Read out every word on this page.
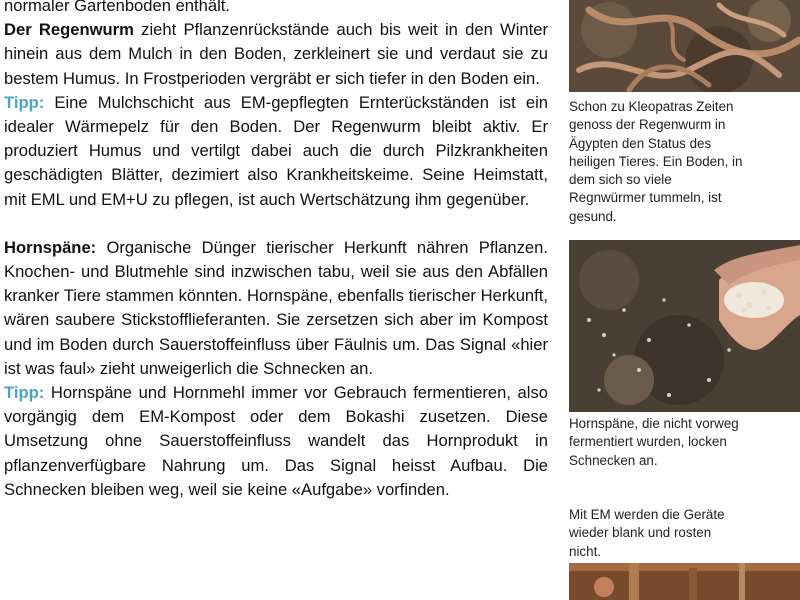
normaler Gartenboden enthält.

Der Regenwurm zieht Pflanzenrückstände auch bis weit in den Winter hinein aus dem Mulch in den Boden, zerkleinert sie und verdaut sie zu bestem Humus. In Frostperioden vergräbt er sich tiefer in den Boden ein.

Tipp: Eine Mulchschicht aus EM-gepflegten Ernterückständen ist ein idealer Wärmepelz für den Boden. Der Regenwurm bleibt aktiv. Er produziert Humus und vertilgt dabei auch die durch Pilzkrankheiten geschädigten Blätter, dezimiert also Krankheitskeime. Seine Heimstatt, mit EML und EM+U zu pflegen, ist auch Wertschätzung ihm gegenüber.

Hornspäne: Organische Dünger tierischer Herkunft nähren Pflanzen. Knochen- und Blutmehle sind inzwischen tabu, weil sie aus den Abfällen kranker Tiere stammen könnten. Hornspäne, ebenfalls tierischer Herkunft, wären saubere Stickstofflieferanten. Sie zersetzen sich aber im Kompost und im Boden durch Sauerstoffeinfluss über Fäulnis um. Das Signal «hier ist was faul» zieht unweigerlich die Schnecken an.

Tipp: Hornspäne und Hornmehl immer vor Gebrauch fermentieren, also vorgängig dem EM-Kompost oder dem Bokashi zusetzen. Diese Umsetzung ohne Sauerstoffeinfluss wandelt das Hornprodukt in pflanzenverfügbare Nahrung um. Das Signal heisst Aufbau. Die Schnecken bleiben weg, weil sie keine «Aufgabe» vorfinden.

Schon zu Kleopatras Zeiten genoss der Regenwurm in Ägypten den Status des heiligen Tieres. Ein Boden, in dem sich so viele Regnwürmer tummeln, ist gesund.
Hornspäne, die nicht vorweg fermentiert wurden, locken Schnecken an.
Mit EM werden die Geräte wieder blank und rosten nicht.
